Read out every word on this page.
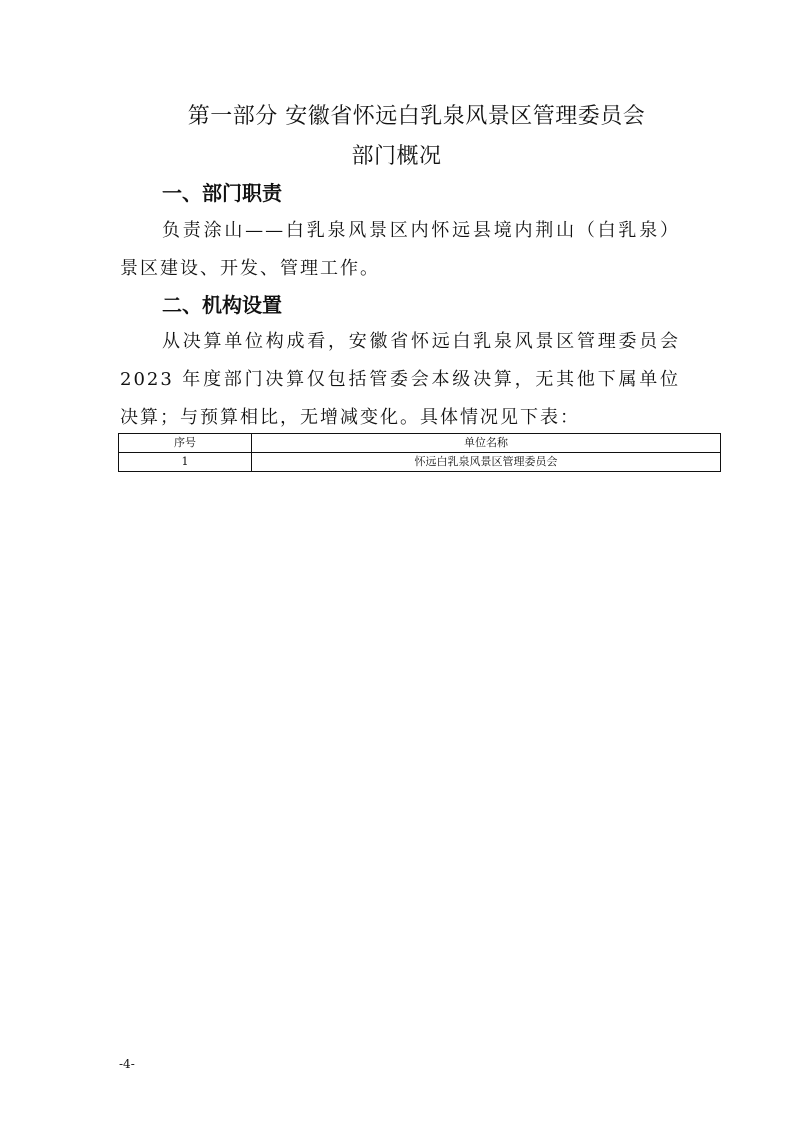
第一部分 安徽省怀远白乳泉风景区管理委员会
部门概况
一、部门职责

负责涂山——白乳泉风景区内怀远县境内荆山（白乳泉）景区建设、开发、管理工作。

二、机构设置

从决算单位构成看，安徽省怀远白乳泉风景区管理委员会 2023 年度部门决算仅包括管委会本级决算，无其他下属单位决算；与预算相比，无增减变化。具体情况见下表：

序号	单位名称
1	怀远白乳泉风景区管理委员会
-4-
